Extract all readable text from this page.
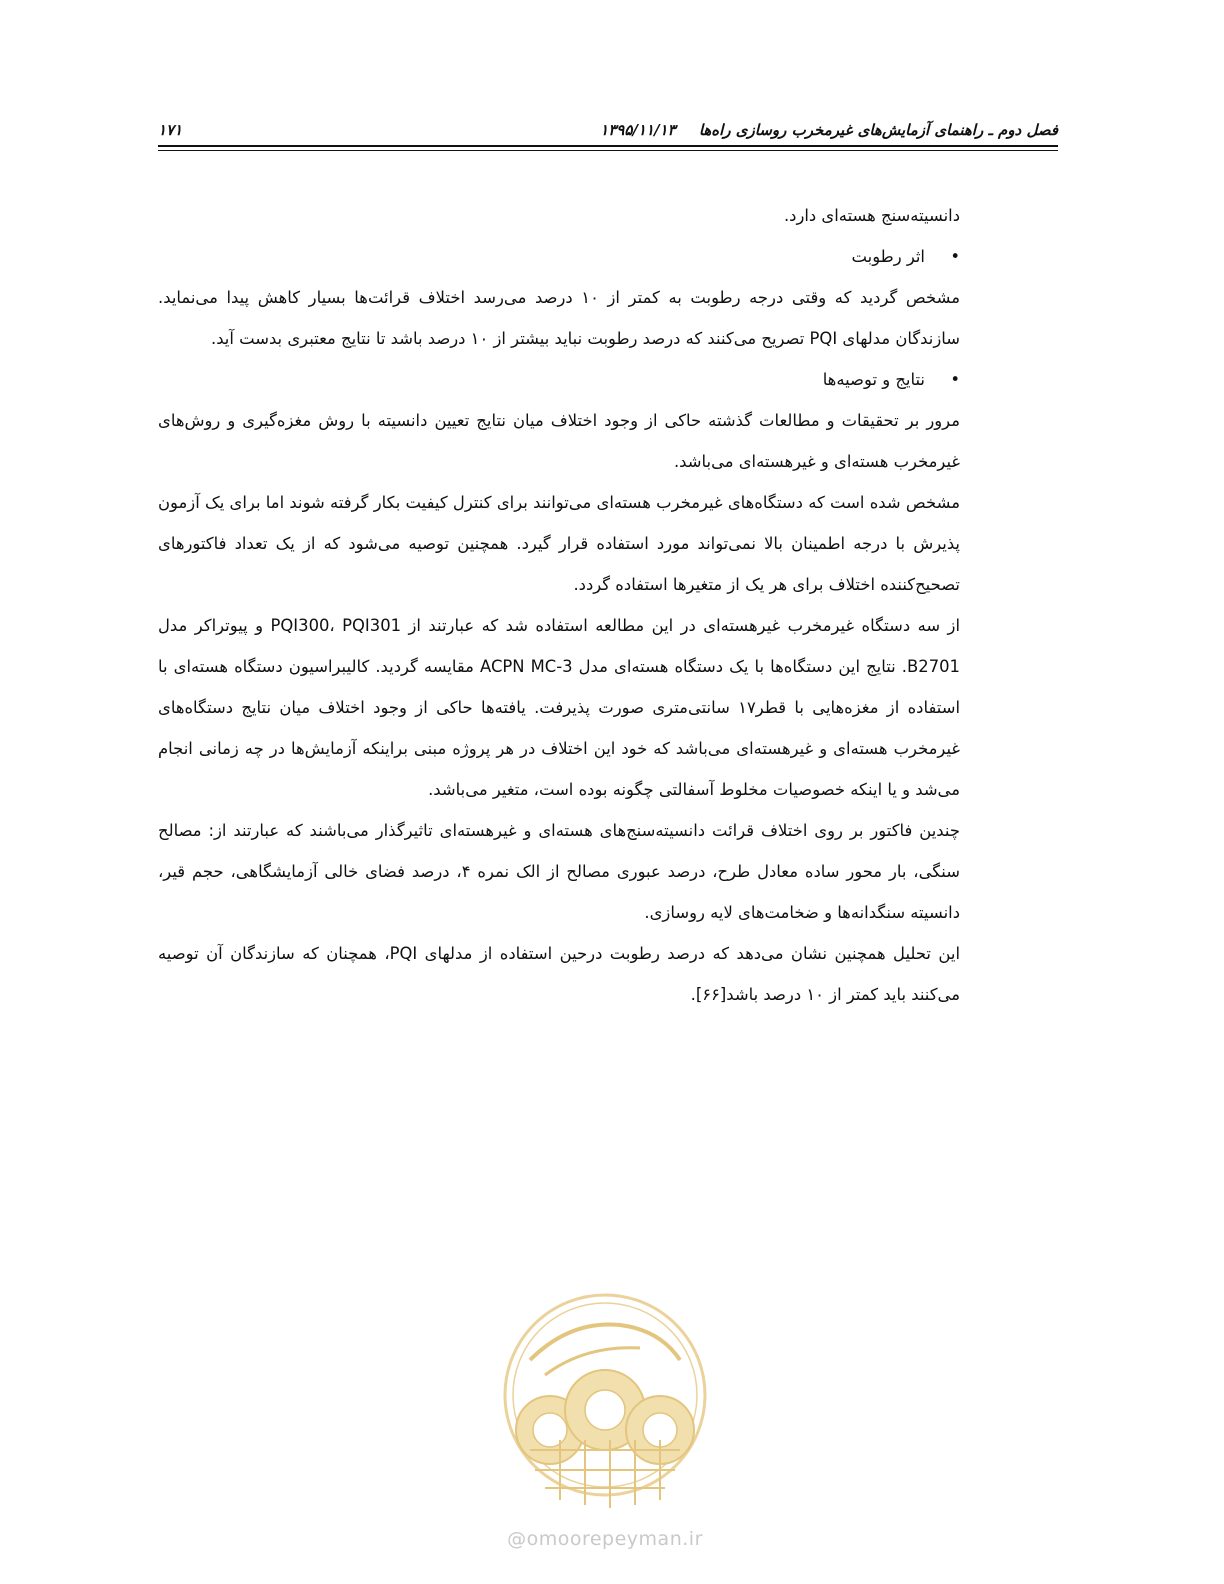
فصل دوم ـ راهنمای آزمایش‌های غیرمخرب روسازی راه‌ها ۱۳۹۵/۱۱/۱۳
۱۷۱

دانسیته‌سنج هسته‌ای دارد.

•
اثر رطوبت

مشخص گردید که وقتی درجه رطوبت به کمتر از ۱۰ درصد می‌رسد اختلاف قرائت‌ها بسیار کاهش پیدا می‌نماید. سازندگان مدلهای PQI تصریح می‌کنند که درصد رطوبت نباید بیشتر از ۱۰ درصد باشد تا نتایج معتبری بدست آید.

•
نتایج و توصیه‌ها

مرور بر تحقیقات و مطالعات گذشته حاکی از وجود اختلاف میان نتایج تعیین دانسیته با روش مغزه‌گیری و روش‌های غیرمخرب هسته‌ای و غیرهسته‌ای می‌باشد.

مشخص شده است که دستگاه‌های غیرمخرب هسته‌ای می‌توانند برای کنترل کیفیت بکار گرفته شوند اما برای یک آزمون پذیرش با درجه اطمینان بالا نمی‌تواند مورد استفاده قرار گیرد. همچنین توصیه می‌شود که از یک تعداد فاکتورهای تصحیح‌کننده اختلاف برای هر یک از متغیرها استفاده گردد.

از سه دستگاه غیرمخرب غیرهسته‌ای در این مطالعه استفاده شد که عبارتند از PQI300، PQI301 و پیوتراکر مدل B2701. نتایج این دستگاه‌ها با یک دستگاه هسته‌ای مدل ACPN MC-3 مقایسه گردید. کالیبراسیون دستگاه هسته‌ای با استفاده از مغزه‌هایی با قطر۱۷ سانتی‌متری صورت پذیرفت. یافته‌ها حاکی از وجود اختلاف میان نتایج دستگاه‌های غیرمخرب هسته‌ای و غیرهسته‌ای می‌باشد که خود این اختلاف در هر پروژه مبنی براینکه آزمایش‌ها در چه زمانی انجام می‌شد و یا اینکه خصوصیات مخلوط آسفالتی چگونه بوده است، متغیر می‌باشد.

چندین فاکتور بر روی اختلاف قرائت دانسیته‌سنج‌های هسته‌ای و غیرهسته‌ای تاثیرگذار می‌باشند که عبارتند از: مصالح سنگی، بار محور ساده معادل طرح، درصد عبوری مصالح از الک نمره ۴، درصد فضای خالی آزمایشگاهی، حجم قیر، دانسیته سنگدانه‌ها و ضخامت‌های لایه روسازی.

این تحلیل همچنین نشان می‌دهد که درصد رطوبت درحین استفاده از مدلهای PQI، همچنان که سازندگان آن توصیه می‌کنند باید کمتر از ۱۰ درصد باشد[۶۶].

@omoorepeyman.ir
